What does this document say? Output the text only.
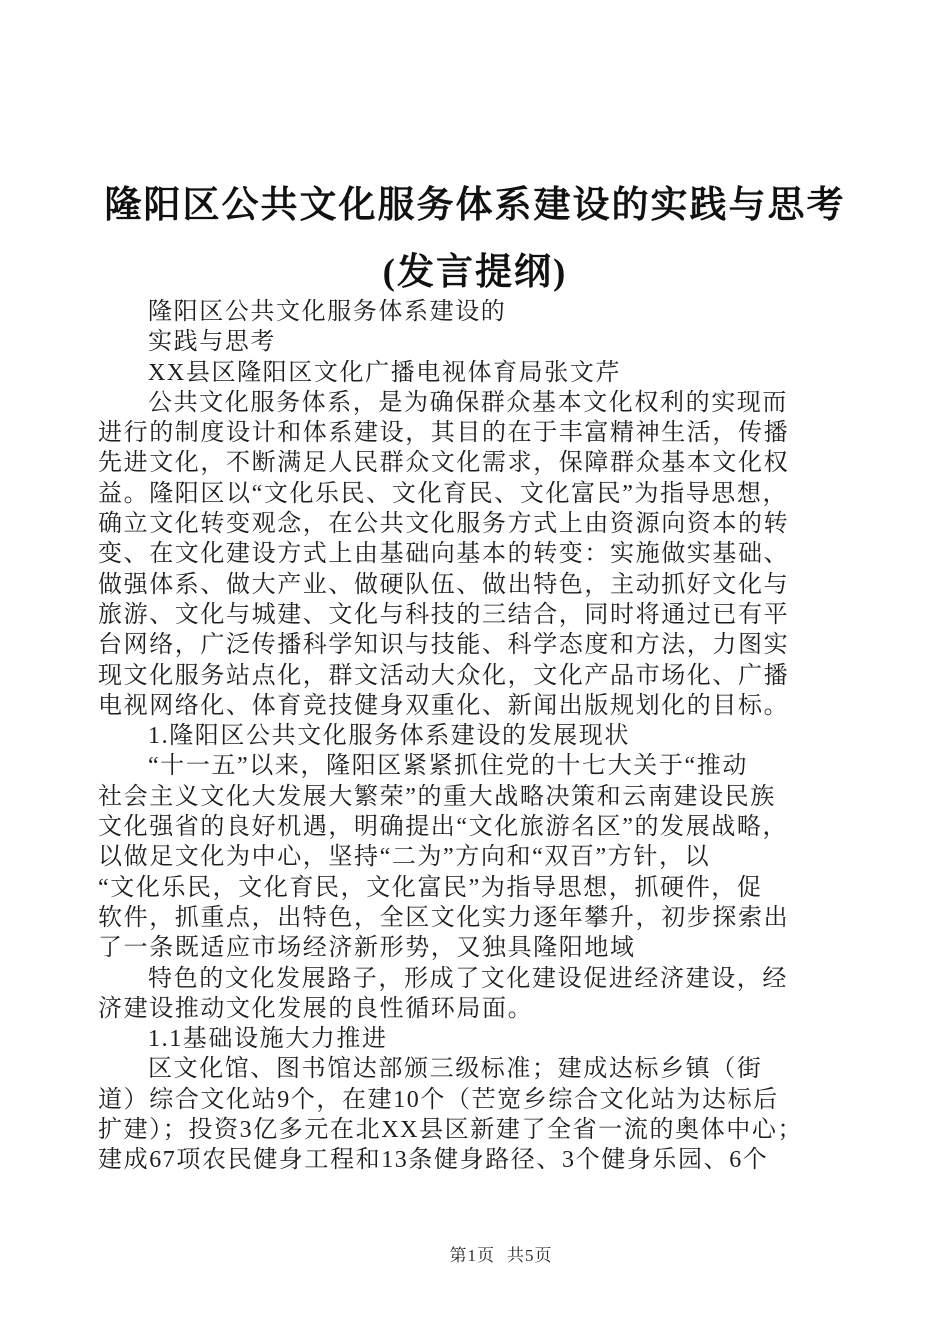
隆阳区公共文化服务体系建设的实践与思考
(发言提纲)
隆阳区公共文化服务体系建设的
实践与思考
XX县区隆阳区文化广播电视体育局张文芹
公共文化服务体系，是为确保群众基本文化权利的实现而
进行的制度设计和体系建设，其目的在于丰富精神生活，传播
先进文化，不断满足人民群众文化需求，保障群众基本文化权
益。隆阳区以“文化乐民、文化育民、文化富民”为指导思想，
确立文化转变观念，在公共文化服务方式上由资源向资本的转
变、在文化建设方式上由基础向基本的转变：实施做实基础、
做强体系、做大产业、做硬队伍、做出特色，主动抓好文化与
旅游、文化与城建、文化与科技的三结合，同时将通过已有平
台网络，广泛传播科学知识与技能、科学态度和方法，力图实
现文化服务站点化，群文活动大众化，文化产品市场化、广播
电视网络化、体育竞技健身双重化、新闻出版规划化的目标。
1.隆阳区公共文化服务体系建设的发展现状
“十一五”以来，隆阳区紧紧抓住党的十七大关于“推动
社会主义文化大发展大繁荣”的重大战略决策和云南建设民族
文化强省的良好机遇，明确提出“文化旅游名区”的发展战略，
以做足文化为中心，坚持“二为”方向和“双百”方针，以
“文化乐民，文化育民，文化富民”为指导思想，抓硬件，促
软件，抓重点，出特色，全区文化实力逐年攀升，初步探索出
了一条既适应市场经济新形势，又独具隆阳地域
特色的文化发展路子，形成了文化建设促进经济建设，经
济建设推动文化发展的良性循环局面。
1.1基础设施大力推进
区文化馆、图书馆达部颁三级标准；建成达标乡镇（街
道）综合文化站9个，在建10个（芒宽乡综合文化站为达标后
扩建）；投资3亿多元在北XX县区新建了全省一流的奥体中心；
建成67项农民健身工程和13条健身路径、3个健身乐园、6个
第1页 共5页
